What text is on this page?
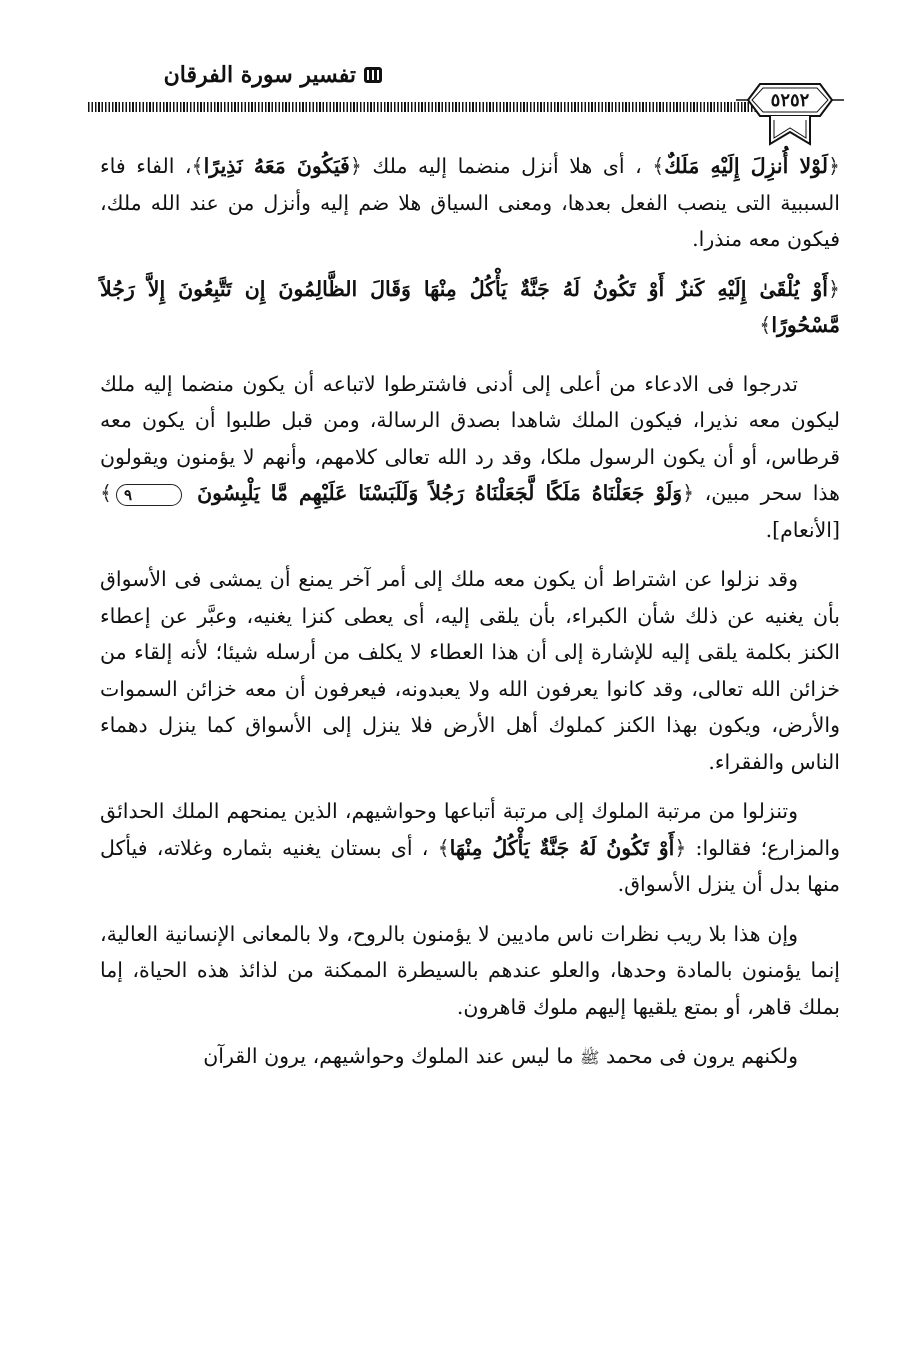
تفسير سورة الفرقان
٥٢٥٢

﴿لَوْلا أُنزِلَ إِلَيْهِ مَلَكٌ﴾ ، أى هلا أنزل منضما إليه ملك ﴿فَيَكُونَ مَعَهُ نَذِيرًا﴾، الفاء فاء السببية التى ينصب الفعل بعدها، ومعنى السياق هلا ضم إليه وأنزل من عند الله ملك، فيكون معه منذرا.

﴿أَوْ يُلْقَىٰ إِلَيْهِ كَنزٌ أَوْ تَكُونُ لَهُ جَنَّةٌ يَأْكُلُ مِنْهَا وَقَالَ الظَّالِمُونَ إِن تَتَّبِعُونَ إِلاَّ رَجُلاً مَّسْحُورًا﴾

تدرجوا فى الادعاء من أعلى إلى أدنى فاشترطوا لاتباعه أن يكون منضما إليه ملك ليكون معه نذيرا، فيكون الملك شاهدا بصدق الرسالة، ومن قبل طلبوا أن يكون معه قرطاس، أو أن يكون الرسول ملكا، وقد رد الله تعالى كلامهم، وأنهم لا يؤمنون ويقولون هذا سحر مبين، ﴿وَلَوْ جَعَلْنَاهُ مَلَكًا لَّجَعَلْنَاهُ رَجُلاً وَلَلَبَسْنَا عَلَيْهِم مَّا يَلْبِسُونَ ٩﴾ [الأنعام].

وقد نزلوا عن اشتراط أن يكون معه ملك إلى أمر آخر يمنع أن يمشى فى الأسواق بأن يغنيه عن ذلك شأن الكبراء، بأن يلقى إليه، أى يعطى كنزا يغنيه، وعبَّر عن إعطاء الكنز بكلمة يلقى إليه للإشارة إلى أن هذا العطاء لا يكلف من أرسله شيئا؛ لأنه إلقاء من خزائن الله تعالى، وقد كانوا يعرفون الله ولا يعبدونه، فيعرفون أن معه خزائن السموات والأرض، ويكون بهذا الكنز كملوك أهل الأرض فلا ينزل إلى الأسواق كما ينزل دهماء الناس والفقراء.

وتنزلوا من مرتبة الملوك إلى مرتبة أتباعها وحواشيهم، الذين يمنحهم الملك الحدائق والمزارع؛ فقالوا: ﴿أَوْ تَكُونُ لَهُ جَنَّةٌ يَأْكُلُ مِنْهَا﴾ ، أى بستان يغنيه بثماره وغلاته، فيأكل منها بدل أن ينزل الأسواق.

وإن هذا بلا ريب نظرات ناس ماديين لا يؤمنون بالروح، ولا بالمعانى الإنسانية العالية، إنما يؤمنون بالمادة وحدها، والعلو عندهم بالسيطرة الممكنة من لذائذ هذه الحياة، إما بملك قاهر، أو بمتع يلقيها إليهم ملوك قاهرون.

ولكنهم يرون فى محمد ﷺ ما ليس عند الملوك وحواشيهم، يرون القرآن
